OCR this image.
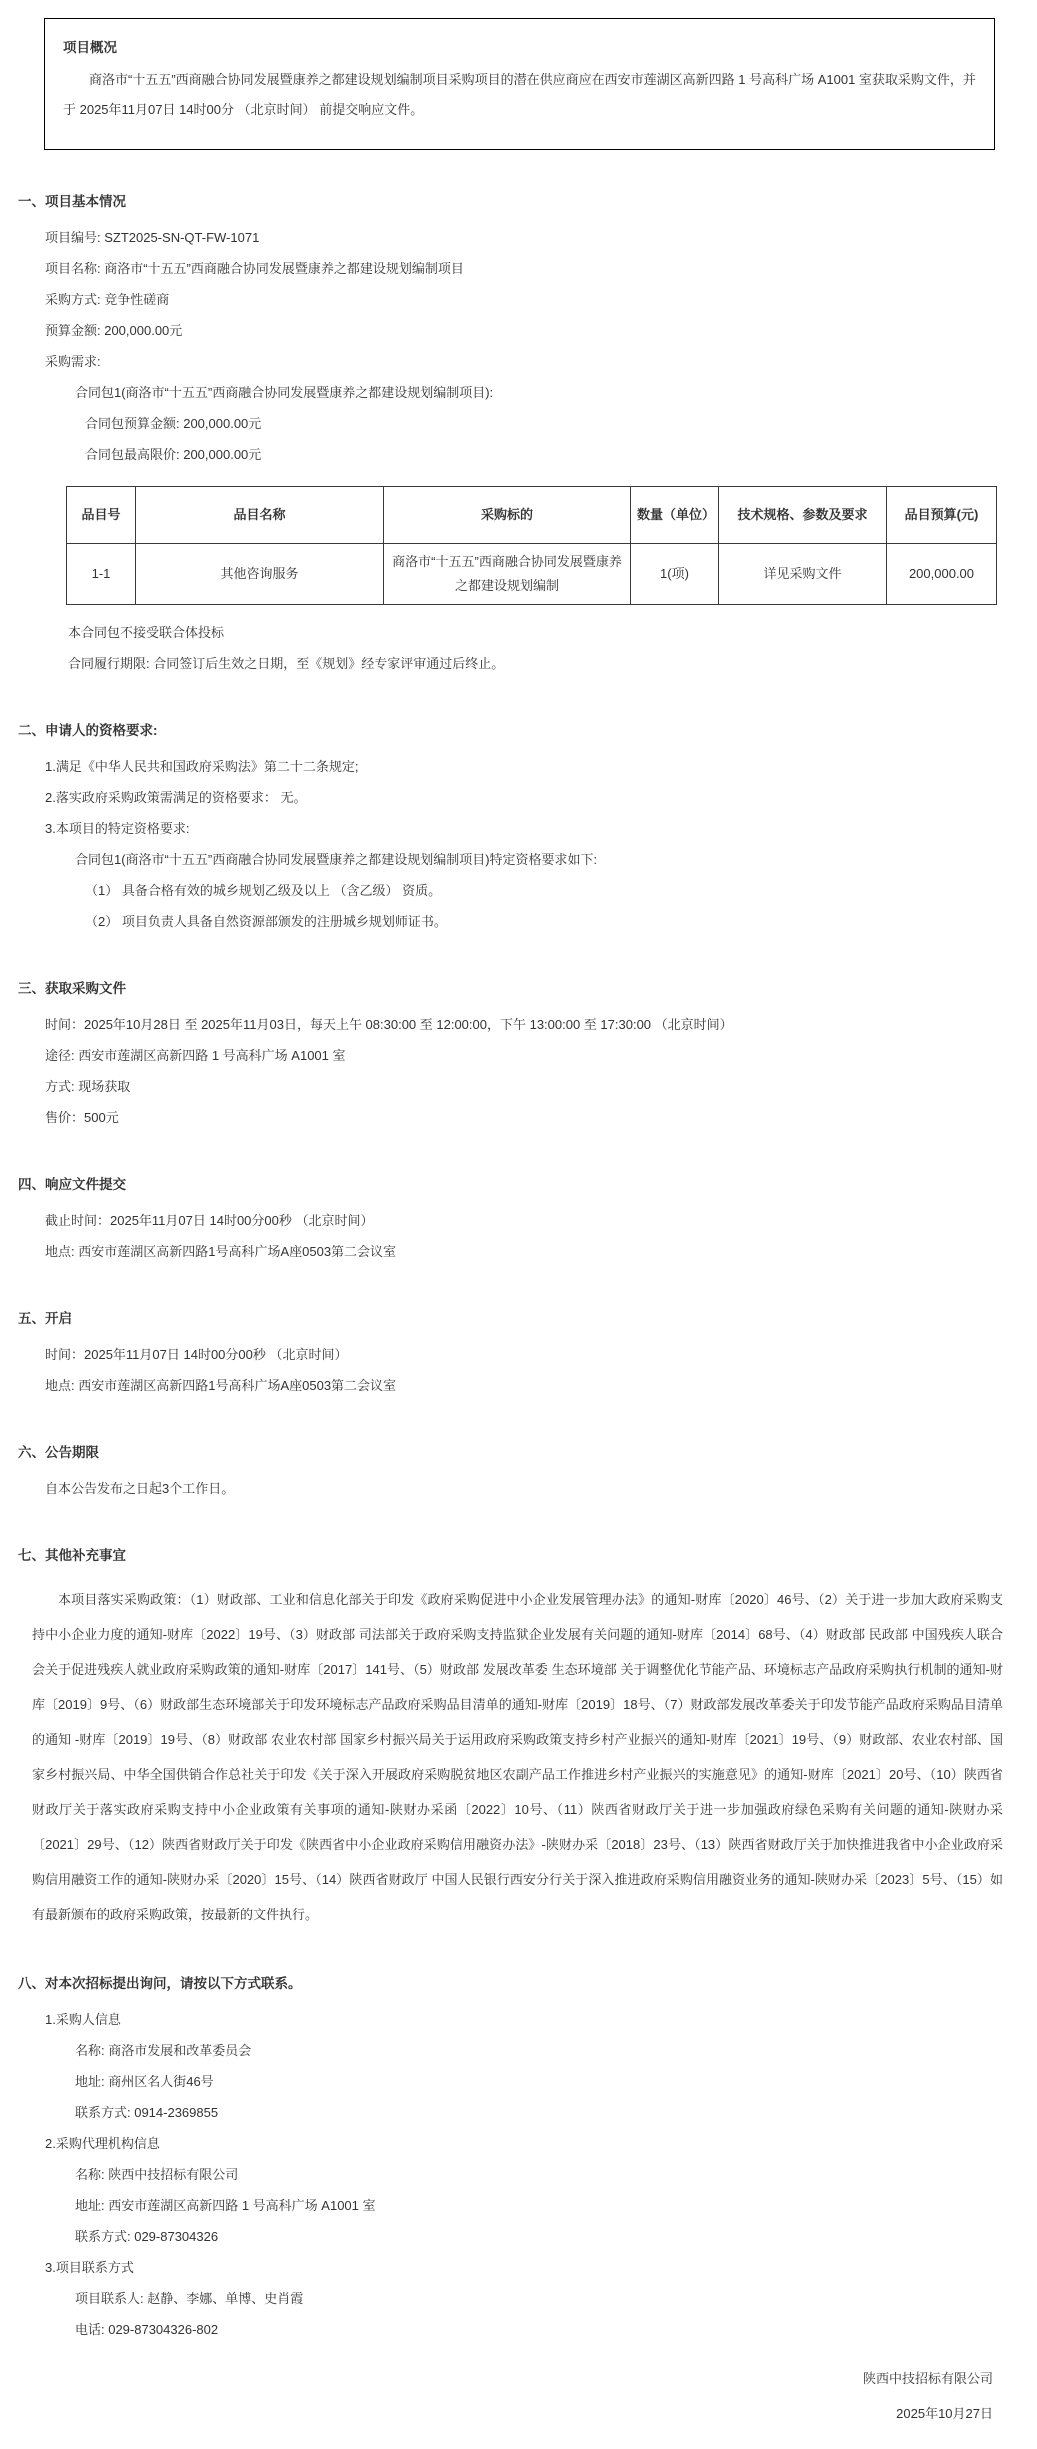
项目概况

商洛市“十五五”西商融合协同发展暨康养之都建设规划编制项目采购项目的潜在供应商应在西安市莲湖区高新四路 1 号高科广场 A1001 室获取采购文件，并于 2025年11月07日 14时00分 （北京时间） 前提交响应文件。

一、项目基本情况
项目编号: SZT2025-SN-QT-FW-1071
项目名称: 商洛市“十五五”西商融合协同发展暨康养之都建设规划编制项目
采购方式: 竞争性磋商
预算金额: 200,000.00元
采购需求:
合同包1(商洛市“十五五”西商融合协同发展暨康养之都建设规划编制项目):
合同包预算金额: 200,000.00元
合同包最高限价: 200,000.00元
品目号	品目名称	采购标的	数量（单位）	技术规格、参数及要求	品目预算(元)
1-1	其他咨询服务	商洛市“十五五”西商融合协同发展暨康养之都建设规划编制	1(项)	详见采购文件	200,000.00
本合同包不接受联合体投标
合同履行期限: 合同签订后生效之日期，至《规划》经专家评审通过后终止。
二、申请人的资格要求:
1.满足《中华人民共和国政府采购法》第二十二条规定;
2.落实政府采购政策需满足的资格要求： 无。
3.本项目的特定资格要求:
合同包1(商洛市“十五五”西商融合协同发展暨康养之都建设规划编制项目)特定资格要求如下:
（1） 具备合格有效的城乡规划乙级及以上 （含乙级） 资质。
（2） 项目负责人具备自然资源部颁发的注册城乡规划师证书。
三、获取采购文件
时间：2025年10月28日 至 2025年11月03日，每天上午 08:30:00 至 12:00:00，下午 13:00:00 至 17:30:00 （北京时间）
途径: 西安市莲湖区高新四路 1 号高科广场 A1001 室
方式: 现场获取
售价：500元
四、响应文件提交
截止时间：2025年11月07日 14时00分00秒 （北京时间）
地点: 西安市莲湖区高新四路1号高科广场A座0503第二会议室
五、开启
时间：2025年11月07日 14时00分00秒 （北京时间）
地点: 西安市莲湖区高新四路1号高科广场A座0503第二会议室
六、公告期限
自本公告发布之日起3个工作日。
七、其他补充事宜

本项目落实采购政策：（1）财政部、工业和信息化部关于印发《政府采购促进中小企业发展管理办法》的通知-财库〔2020〕46号、（2）关于进一步加大政府采购支持中小企业力度的通知-财库〔2022〕19号、（3）财政部 司法部关于政府采购支持监狱企业发展有关问题的通知-财库〔2014〕68号、（4）财政部 民政部 中国残疾人联合会关于促进残疾人就业政府采购政策的通知-财库〔2017〕141号、（5）财政部 发展改革委 生态环境部 关于调整优化节能产品、环境标志产品政府采购执行机制的通知-财库〔2019〕9号、（6）财政部生态环境部关于印发环境标志产品政府采购品目清单的通知-财库〔2019〕18号、（7）财政部发展改革委关于印发节能产品政府采购品目清单的通知 -财库〔2019〕19号、（8）财政部 农业农村部 国家乡村振兴局关于运用政府采购政策支持乡村产业振兴的通知-财库〔2021〕19号、（9）财政部、农业农村部、国家乡村振兴局、中华全国供销合作总社关于印发《关于深入开展政府采购脱贫地区农副产品工作推进乡村产业振兴的实施意见》的通知-财库〔2021〕20号、（10）陕西省财政厅关于落实政府采购支持中小企业政策有关事项的通知-陕财办采函〔2022〕10号、（11）陕西省财政厅关于进一步加强政府绿色采购有关问题的通知-陕财办采〔2021〕29号、（12）陕西省财政厅关于印发《陕西省中小企业政府采购信用融资办法》-陕财办采〔2018〕23号、（13）陕西省财政厅关于加快推进我省中小企业政府采购信用融资工作的通知-陕财办采〔2020〕15号、（14）陕西省财政厅 中国人民银行西安分行关于深入推进政府采购信用融资业务的通知-陕财办采〔2023〕5号、（15）如有最新颁布的政府采购政策，按最新的文件执行。

八、对本次招标提出询问，请按以下方式联系。
1.采购人信息
名称: 商洛市发展和改革委员会
地址: 商州区名人街46号
联系方式: 0914-2369855
2.采购代理机构信息
名称: 陕西中技招标有限公司
地址: 西安市莲湖区高新四路 1 号高科广场 A1001 室
联系方式: 029-87304326
3.项目联系方式
项目联系人: 赵静、李娜、单博、史肖霞
电话: 029-87304326-802
陕西中技招标有限公司
2025年10月27日
